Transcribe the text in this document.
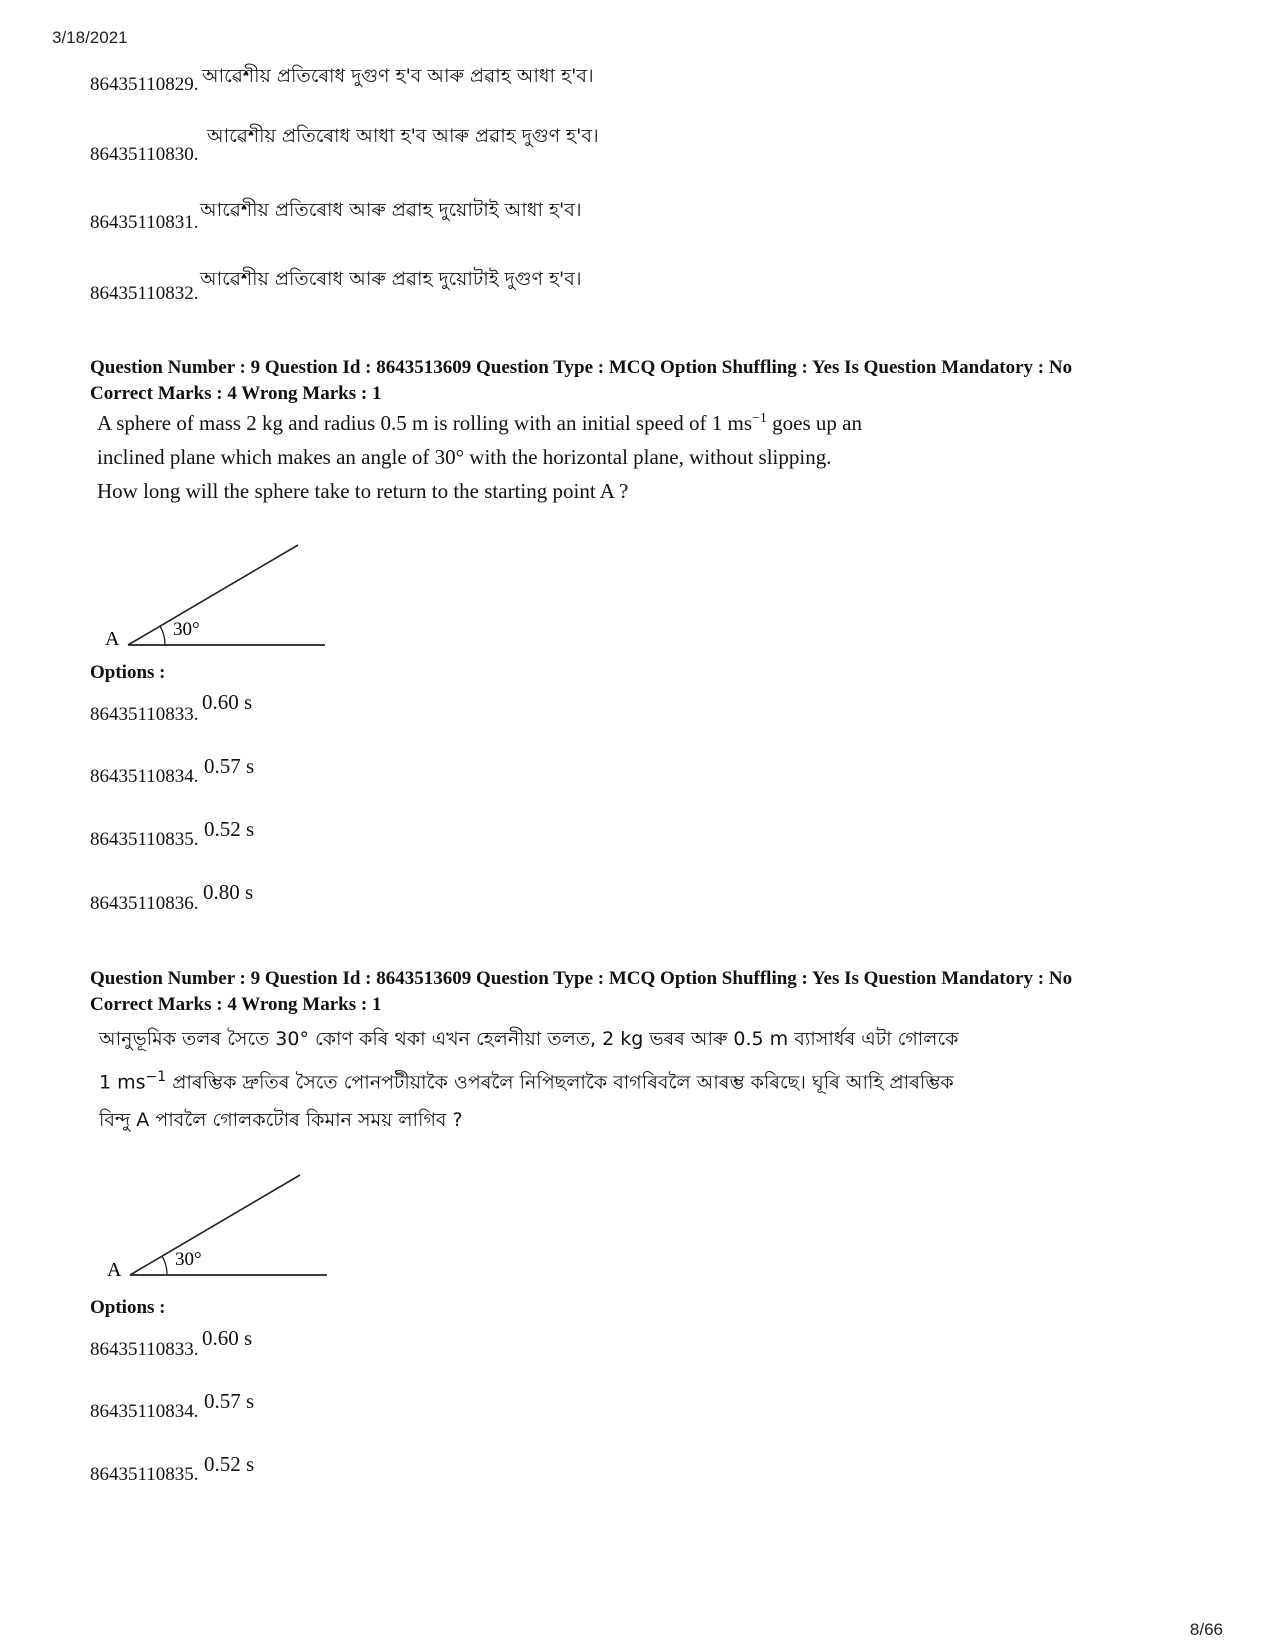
3/18/2021
86435110829. আৱেশীয় প্ৰতিৰোধ দুগুণ হ'ব আৰু প্ৰৱাহ আধা হ'ব।
86435110830.
আৱেশীয় প্ৰতিৰোধ আধা হ'ব আৰু প্ৰৱাহ দুগুণ হ'ব।
86435110831.
আৱেশীয় প্ৰতিৰোধ আৰু প্ৰৱাহ দুয়োটাই আধা হ'ব।
86435110832.
আৱেশীয় প্ৰতিৰোধ আৰু প্ৰৱাহ দুয়োটাই দুগুণ হ'ব।
Question Number : 9 Question Id : 8643513609 Question Type : MCQ Option Shuffling : Yes Is Question Mandatory : No
Correct Marks : 4 Wrong Marks : 1
A sphere of mass 2 kg and radius 0.5 m is rolling with an initial speed of 1 $ms^{-1}$ goes up an
inclined plane which makes an angle of 30° with the horizontal plane, without slipping.
How long will the sphere take to return to the starting point A ?
A	30°
Options :
86435110833.
0.60 s
86435110834. 0.57 s
86435110835. 0.52 s
86435110836. 0.80 s
Question Number : 9 Question Id : 8643513609 Question Type : MCQ Option Shuffling : Yes Is Question Mandatory : No
Correct Marks : 4 Wrong Marks : 1
আনুভূমিক তলৰ সৈতে 30° কোণ কৰি থকা এখন হেলনীয়া তলত, 2 kg ভৰৰ আৰু 0.5 m ব্যাসাৰ্ধৰ এটা গোলকে
1 $ms^{-1}$ প্ৰাৰম্ভিক দ্ৰুতিৰ সৈতে পোনপটীয়াকৈ ওপৰলৈ নিপিছলাকৈ বাগৰিবলৈ আৰম্ভ কৰিছে। ঘূৰি আহি প্ৰাৰম্ভিক
বিন্দু A পাবলৈ গোলকটোৰ কিমান সময় লাগিব ?
A	30°
Options :
86435110833. 0.60 s
86435110834. 0.57 s
86435110835. 0.52 s
8/66
